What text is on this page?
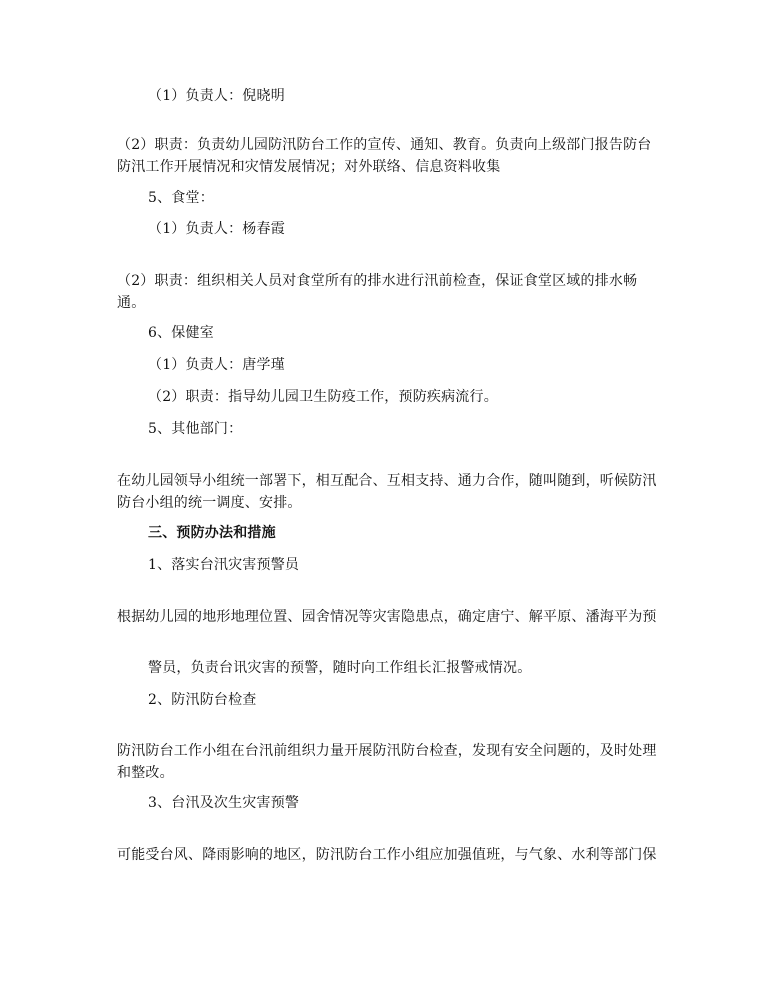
（1）负责人：倪晓明
（2）职责：负责幼儿园防汛防台工作的宣传、通知、教育。负责向上级部门报告防台防汛工作开展情况和灾情发展情况；对外联络、信息资料收集
5、食堂：
（1）负责人：杨春霞
（2）职责：组织相关人员对食堂所有的排水进行汛前检查，保证食堂区域的排水畅通。
6、保健室
（1）负责人：唐学瑾
（2）职责：指导幼儿园卫生防疫工作，预防疾病流行。
5、其他部门：
在幼儿园领导小组统一部署下，相互配合、互相支持、通力合作，随叫随到，听候防汛防台小组的统一调度、安排。
三、预防办法和措施
1、落实台汛灾害预警员
根据幼儿园的地形地理位置、园舍情况等灾害隐患点，确定唐宁、解平原、潘海平为预
警员，负责台讯灾害的预警，随时向工作组长汇报警戒情况。
2、防汛防台检查
防汛防台工作小组在台汛前组织力量开展防汛防台检查，发现有安全问题的，及时处理和整改。
3、台汛及次生灾害预警
可能受台风、降雨影响的地区，防汛防台工作小组应加强值班，与气象、水利等部门保
